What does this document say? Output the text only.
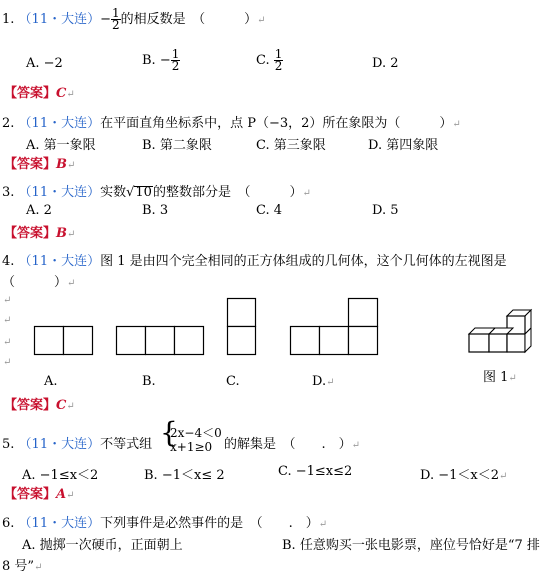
1. （11・大连）− $\frac{1}{2}$ 的相反数是　（　　　）↵
A. −2	B. − $\frac{1}{2}$	C. $\frac{1}{2}$	D. 2
【答案】C↵
2. （11・大连）在平面直角坐标系中，点 P（−3，2）所在象限为（　　　）↵
A. 第一象限	B. 第二象限	C. 第三象限	D. 第四象限
【答案】B↵
3. （11・大连）实数√10的整数部分是　（　　　）↵
A. 2	B. 3	C. 4	D. 5
【答案】B↵
4. （11・大连）图 1 是由四个完全相同的正方体组成的几何体，这个几何体的左视图是
（　　　）↵
↵
↵
↵
↵
A.	B.	C.	D.↵	图 1↵
【答案】C↵
5. （11・大连）不等式组 {
2x−4＜0
x+1≥0 的解集是　（　　.　）↵
A. −1≤x＜2	B. −1＜x≤ 2	C. −1≤x≤2	D. −1＜x＜2↵
【答案】A↵
6. （11・大连）下列事件是必然事件的是　（　　.　）↵
A. 抛掷一次硬币，正面朝上	B. 任意购买一张电影票，座位号恰好是“7 排
8 号”↵
